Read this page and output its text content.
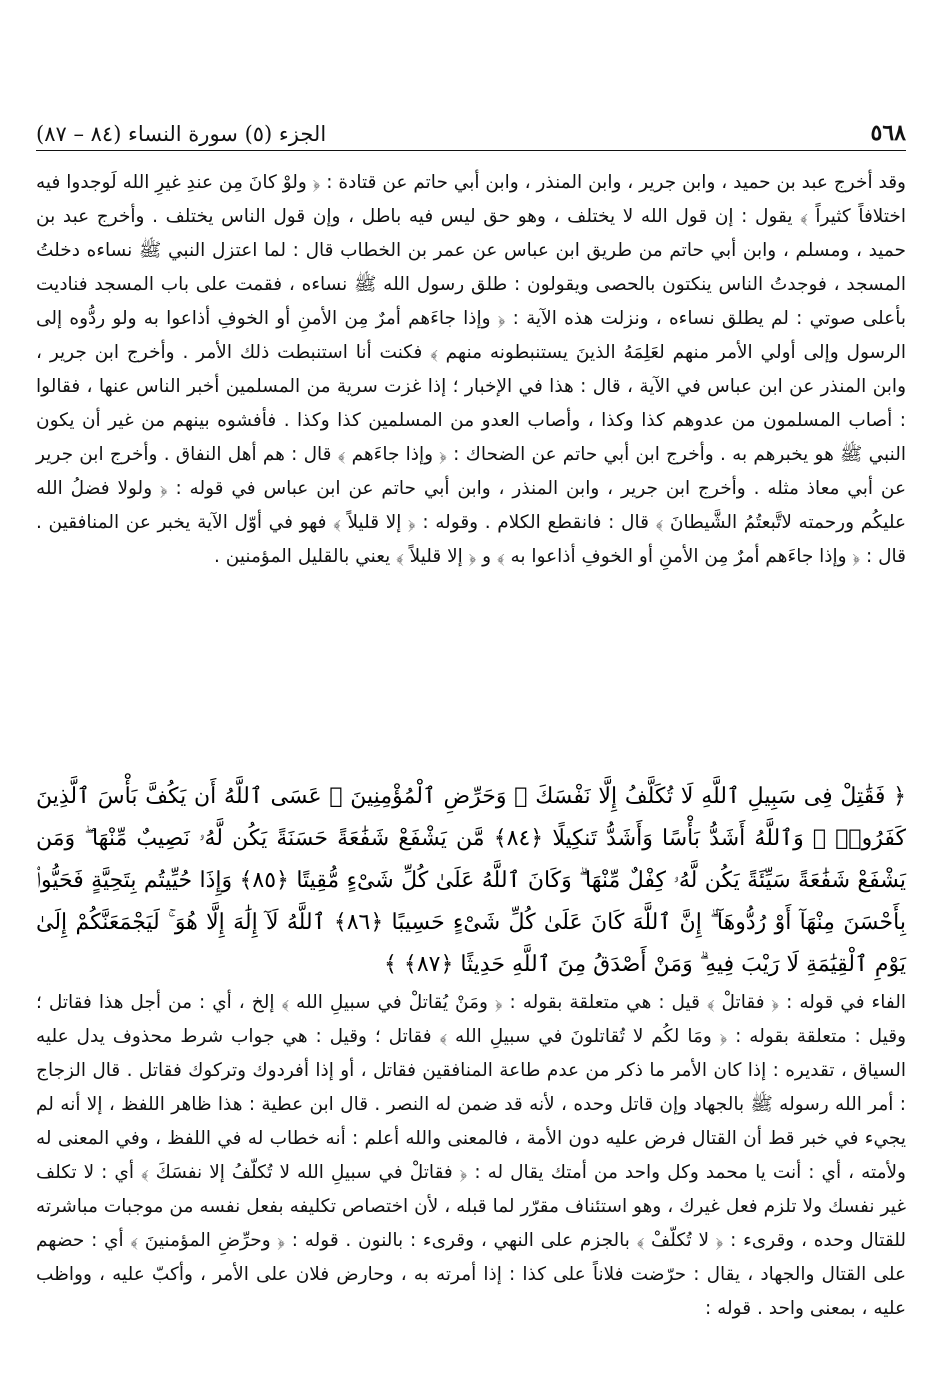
٥٦٨
الجزء (٥) سورة النساء (٨٤ – ٨٧)

وقد أخرج عبد بن حميد ، وابن جرير ، وابن المنذر ، وابن أبي حاتم عن قتادة : ﴿ ولوْ كانَ مِن عندِ غيرِ الله لَوجدوا فيه اختلافاً كثيراً ﴾ يقول : إن قول الله لا يختلف ، وهو حق ليس فيه باطل ، وإن قول الناس يختلف . وأخرج عبد بن حميد ، ومسلم ، وابن أبي حاتم من طريق ابن عباس عن عمر بن الخطاب قال : لما اعتزل النبي ﷺ نساءه دخلتُ المسجد ، فوجدتُ الناس ينكتون بالحصى ويقولون : طلق رسول الله ﷺ نساءه ، فقمت على باب المسجد فناديت بأعلى صوتي : لم يطلق نساءه ، ونزلت هذه الآية : ﴿ وإذا جاءَهم أمرٌ مِن الأمنِ أو الخوفِ أذاعوا به ولو ردُّوه إلى الرسول وإلى أولي الأمر منهم لعَلِمَهُ الذينَ يستنبطونه منهم ﴾ فكنت أنا استنبطت ذلك الأمر . وأخرج ابن جرير ، وابن المنذر عن ابن عباس في الآية ، قال : هذا في الإخبار ؛ إذا غزت سرية من المسلمين أخبر الناس عنها ، فقالوا : أصاب المسلمون من عدوهم كذا وكذا ، وأصاب العدو من المسلمين كذا وكذا . فأفشوه بينهم من غير أن يكون النبي ﷺ هو يخبرهم به . وأخرج ابن أبي حاتم عن الضحاك : ﴿ وإذا جاءَهم ﴾ قال : هم أهل النفاق . وأخرج ابن جرير عن أبي معاذ مثله . وأخرج ابن جرير ، وابن المنذر ، وابن أبي حاتم عن ابن عباس في قوله : ﴿ ولولا فضلُ الله عليكُم ورحمته لاتَّبعتُمُ الشَّيطانَ ﴾ قال : فانقطع الكلام . وقوله : ﴿ إلا قليلاً ﴾ فهو في أوّل الآية يخبر عن المنافقين . قال : ﴿ وإذا جاءَهم أمرٌ مِن الأمنِ أو الخوفِ أذاعوا به ﴾ و ﴿ إلا قليلاً ﴾ يعني بالقليل المؤمنين .

﴿ فَقَٰتِلْ فِى سَبِيلِ ٱللَّهِ لَا تُكَلَّفُ إِلَّا نَفْسَكَ ۚ وَحَرِّضِ ٱلْمُؤْمِنِينَ ۖ عَسَى ٱللَّهُ أَن يَكُفَّ بَأْسَ ٱلَّذِينَ كَفَرُوا۟ ۚ وَٱللَّهُ أَشَدُّ بَأْسًا وَأَشَدُّ تَنكِيلًا ﴿٨٤﴾ مَّن يَشْفَعْ شَفَٰعَةً حَسَنَةً يَكُن لَّهُۥ نَصِيبٌ مِّنْهَا ۖ وَمَن يَشْفَعْ شَفَٰعَةً سَيِّئَةً يَكُن لَّهُۥ كِفْلٌ مِّنْهَا ۗ وَكَانَ ٱللَّهُ عَلَىٰ كُلِّ شَىْءٍ مُّقِيتًا ﴿٨٥﴾ وَإِذَا حُيِّيتُم بِتَحِيَّةٍ فَحَيُّوا۟ بِأَحْسَنَ مِنْهَآ أَوْ رُدُّوهَآ ۗ إِنَّ ٱللَّهَ كَانَ عَلَىٰ كُلِّ شَىْءٍ حَسِيبًا ﴿٨٦﴾ ٱللَّهُ لَآ إِلَٰهَ إِلَّا هُوَ ۚ لَيَجْمَعَنَّكُمْ إِلَىٰ يَوْمِ ٱلْقِيَٰمَةِ لَا رَيْبَ فِيهِ ۗ وَمَنْ أَصْدَقُ مِنَ ٱللَّهِ حَدِيثًا ﴿٨٧﴾ ﴾

الفاء في قوله : ﴿ فقاتلْ ﴾ قيل : هي متعلقة بقوله : ﴿ ومَنْ يُقاتلْ في سبيلِ الله ﴾ إلخ ، أي : من أجل هذا فقاتل ؛ وقيل : متعلقة بقوله : ﴿ ومَا لكُم لا تُقاتلونَ في سبيلِ الله ﴾ فقاتل ؛ وقيل : هي جواب شرط محذوف يدل عليه السياق ، تقديره : إذا كان الأمر ما ذكر من عدم طاعة المنافقين فقاتل ، أو إذا أفردوك وتركوك فقاتل . قال الزجاج : أمر الله رسوله ﷺ بالجهاد وإن قاتل وحده ، لأنه قد ضمن له النصر . قال ابن عطية : هذا ظاهر اللفظ ، إلا أنه لم يجيء في خبر قط أن القتال فرض عليه دون الأمة ، فالمعنى والله أعلم : أنه خطاب له في اللفظ ، وفي المعنى له ولأمته ، أي : أنت يا محمد وكل واحد من أمتك يقال له : ﴿ فقاتلْ في سبيلِ الله لا تُكلّفُ إلا نفسَكَ ﴾ أي : لا تكلف غير نفسك ولا تلزم فعل غيرك ، وهو استئناف مقرّر لما قبله ، لأن اختصاص تكليفه بفعل نفسه من موجبات مباشرته للقتال وحده ، وقرىء : ﴿ لا تُكلّفْ ﴾ بالجزم على النهي ، وقرىء : بالنون . قوله : ﴿ وحرِّضِ المؤمنينَ ﴾ أي : حضهم على القتال والجهاد ، يقال : حرّضت فلاناً على كذا : إذا أمرته به ، وحارض فلان على الأمر ، وأكبّ عليه ، وواظب عليه ، بمعنى واحد . قوله :
